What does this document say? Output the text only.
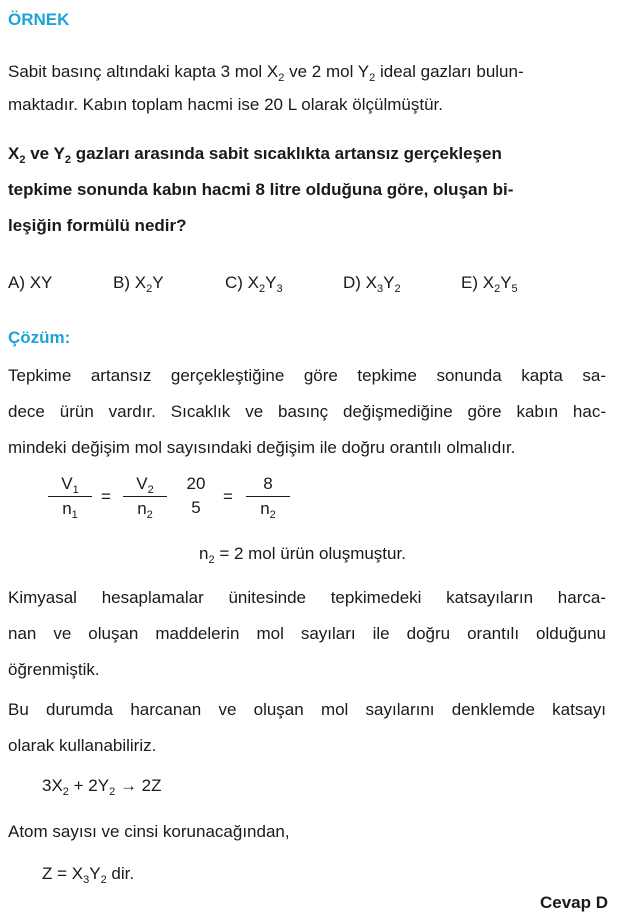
ÖRNEK
Sabit basınç altındaki kapta 3 mol $X_2$ ve 2 mol $Y_2$ ideal gazları bulun-
maktadır. Kabın toplam hacmi ise 20 L olarak ölçülmüştür.
$X_2$ ve $Y_2$ gazları arasında sabit sıcaklıkta artansız gerçekleşen
tepkime sonunda kabın hacmi 8 litre olduğuna göre, oluşan bi-
leşiğin formülü nedir?
A) XY	B) $X_2Y$	C) $X_2Y_3$	D) $X_3Y_2$	E) $X_2Y_5$
Çözüm:
Tepkime artansız gerçekleştiğine göre tepkime sonunda kapta sa-
dece ürün vardır. Sıcaklık ve basınç değişmediğine göre kabın hac-
mindeki değişim mol sayısındaki değişim ile doğru orantılı olmalıdır.
$V_1$
$n_1$
=
$V_2$
$n_2$
20
5
=
8
$n_2$
$n_2 = 2$ mol ürün oluşmuştur.
Kimyasal hesaplamalar ünitesinde tepkimedeki katsayıların harca-
nan ve oluşan maddelerin mol sayıları ile doğru orantılı olduğunu
öğrenmiştik.
Bu durumda harcanan ve oluşan mol sayılarını denklemde katsayı
olarak kullanabiliriz.
$3X_2 + 2Y_2 \to 2Z$
Atom sayısı ve cinsi korunacağından,
$Z = X_3Y_2$ dir.
Cevap D
